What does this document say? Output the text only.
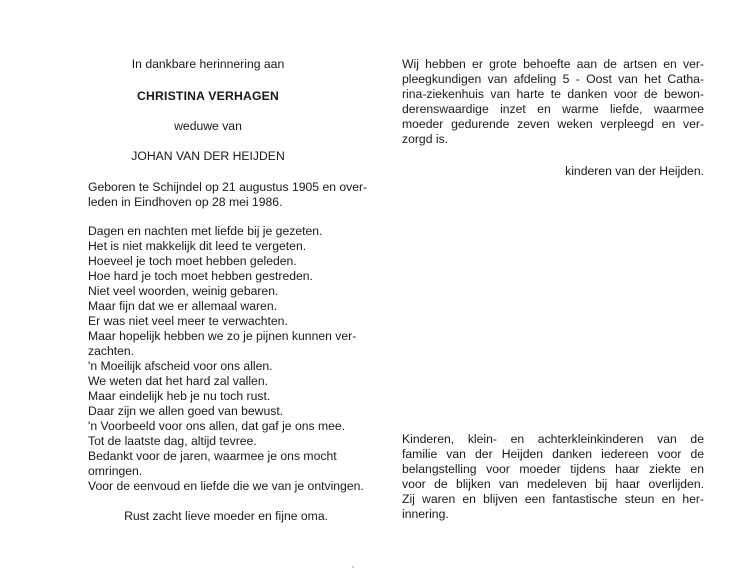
In dankbare herinnering aan
CHRISTINA VERHAGEN
weduwe van
JOHAN VAN DER HEIJDEN
Geboren te Schijndel op 21 augustus 1905 en over-
leden in Eindhoven op 28 mei 1986.
Dagen en nachten met liefde bij je gezeten.
Het is niet makkelijk dit leed te vergeten.
Hoeveel je toch moet hebben geleden.
Hoe hard je toch moet hebben gestreden.
Niet veel woorden, weinig gebaren.
Maar fijn dat we er allemaal waren.
Er was niet veel meer te verwachten.
Maar hopelijk hebben we zo je pijnen kunnen ver-
zachten.
'n Moeilijk afscheid voor ons allen.
We weten dat het hard zal vallen.
Maar eindelijk heb je nu toch rust.
Daar zijn we allen goed van bewust.
'n Voorbeeld voor ons allen, dat gaf je ons mee.
Tot de laatste dag, altijd tevree.
Bedankt voor de jaren, waarmee je ons mocht
omringen.
Voor de eenvoud en liefde die we van je ontvingen.
Rust zacht lieve moeder en fijne oma.
Wij hebben er grote behoefte aan de artsen en ver-
pleegkundigen van afdeling 5 - Oost van het Catha-
rina-ziekenhuis van harte te danken voor de bewon-
derenswaardige inzet en warme liefde, waarmee
moeder gedurende zeven weken verpleegd en ver-
zorgd is.
kinderen van der Heijden.
Kinderen, klein- en achterkleinkinderen van de
familie van der Heijden danken iedereen voor de
belangstelling voor moeder tijdens haar ziekte en
voor de blijken van medeleven bij haar overlijden.
Zij waren en blijven een fantastische steun en her-
innering.
